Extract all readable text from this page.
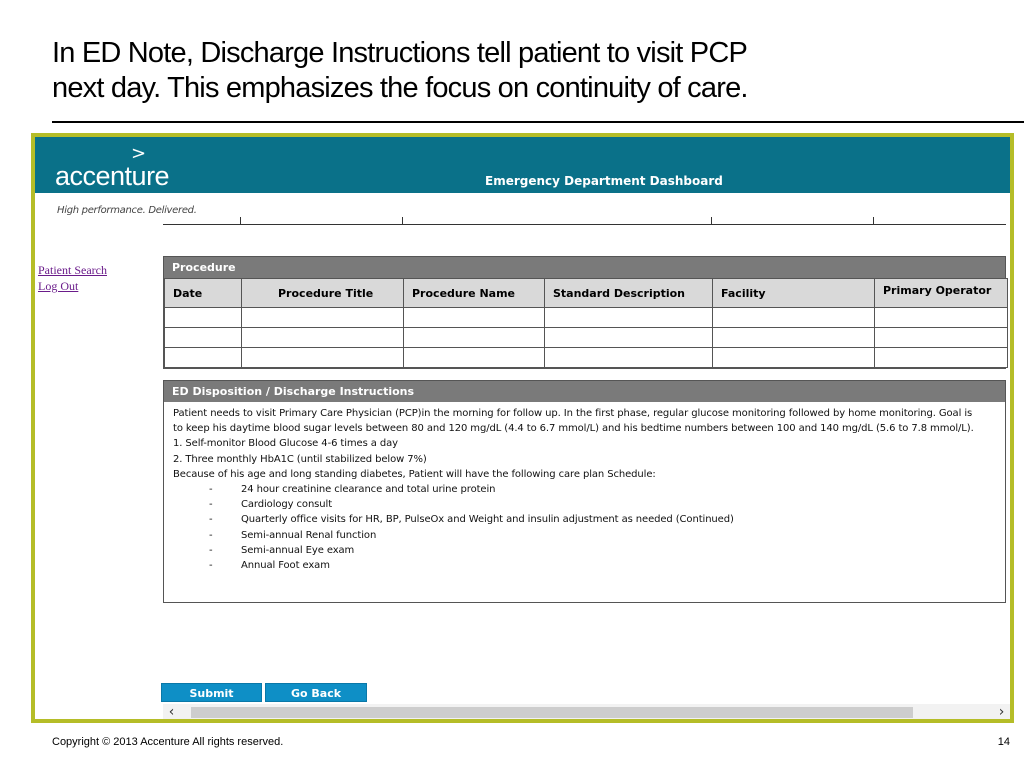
In ED Note, Discharge Instructions tell patient to visit PCP
next day. This emphasizes the focus on continuity of care.
>
accenture	Emergency Department Dashboard
High performance. Delivered.
Patient Search
Log Out
Procedure
Date	Procedure Title	Procedure Name	Standard Description	Facility	Primary Operator

ED Disposition / Discharge Instructions
Patient needs to visit Primary Care Physician (PCP)in the morning for follow up. In the first phase, regular glucose monitoring followed by home monitoring. Goal is
to keep his daytime blood sugar levels between 80 and 120 mg/dL (4.4 to 6.7 mmol/L) and his bedtime numbers between 100 and 140 mg/dL (5.6 to 7.8 mmol/L).
1. Self-monitor Blood Glucose 4-6 times a day
2. Three monthly HbA1C (until stabilized below 7%)
Because of his age and long standing diabetes, Patient will have the following care plan Schedule:
-	24 hour creatinine clearance and total urine protein
-	Cardiology consult
-	Quarterly office visits for HR, BP, PulseOx and Weight and insulin adjustment as needed (Continued)
-	Semi-annual Renal function
-	Semi-annual Eye exam
-	Annual Foot exam
Submit	Go Back
‹	›
Copyright © 2013 Accenture All rights reserved.	14
